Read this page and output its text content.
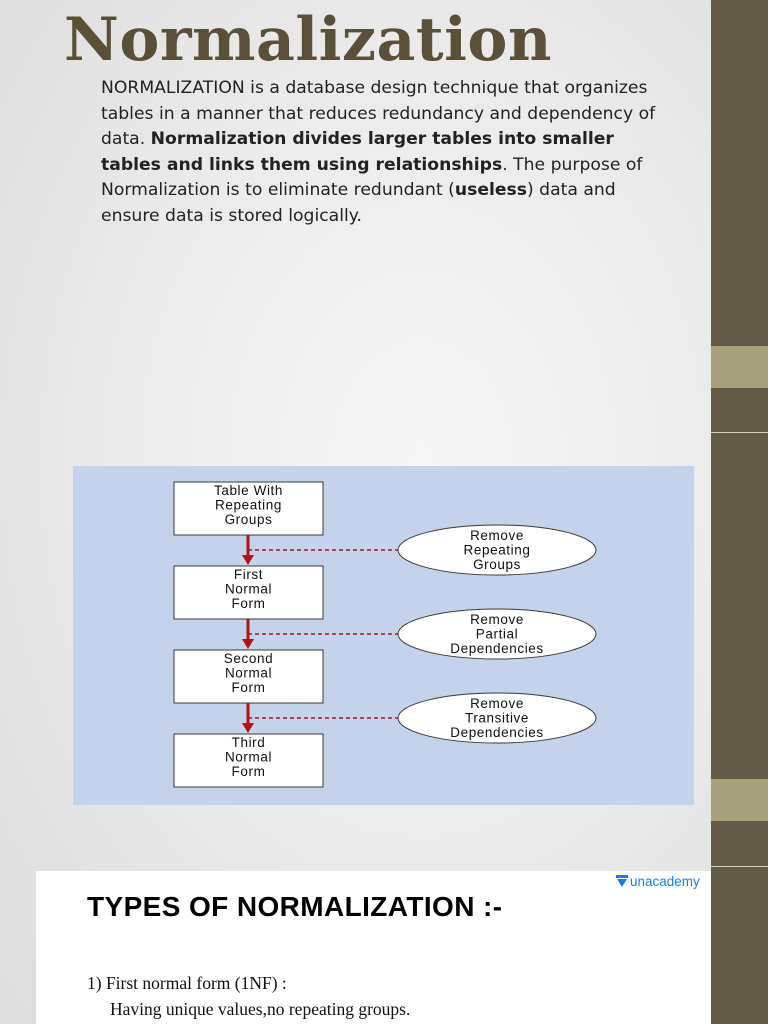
Normalization
NORMALIZATION is a database design technique that organizes tables in a manner that reduces redundancy and dependency of data. Normalization divides larger tables into smaller tables and links them using relationships. The purpose of Normalization is to eliminate redundant (useless) data and ensure data is stored logically.
Table With
Repeating
Groups
First
Normal
Form
Second
Normal
Form
Third
Normal
Form
Remove
Repeating
Groups
Remove
Partial
Dependencies
Remove
Transitive
Dependencies
unacademy
TYPES OF NORMALIZATION :-
1) First normal form (1NF) :
Having unique values,no repeating groups.
